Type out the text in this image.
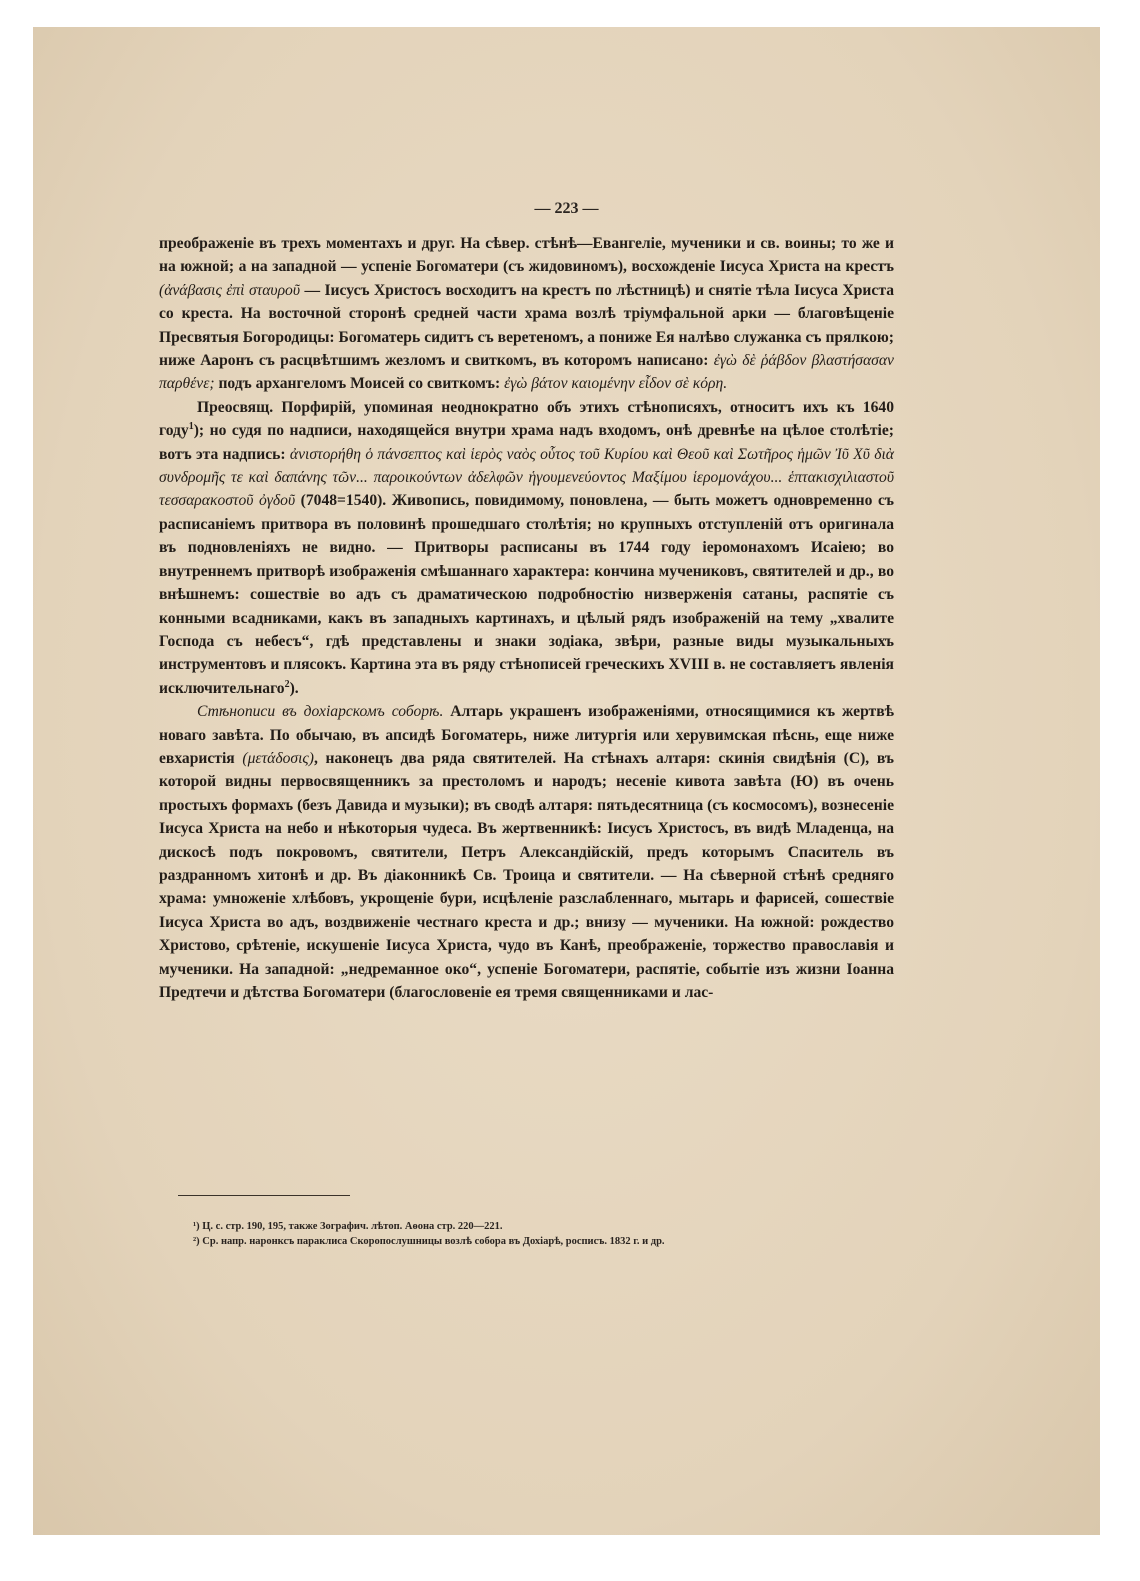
— 223 —

преображеніе въ трехъ моментахъ и друг. На сѣвер. стѣнѣ—Евангеліе, мученики и св. воины; то же и на южной; а на западной — успеніе Богоматери (съ жидовиномъ), восхожденіе Іисуса Христа на крестъ (ἀνάβασις ἐπὶ σταυροῦ — Іисусъ Христосъ восходитъ на крестъ по лѣстницѣ) и снятіе тѣла Іисуса Христа со креста. На восточной сторонѣ средней части храма возлѣ тріумфальной арки — благовѣщеніе Пресвятыя Богородицы: Богоматерь сидитъ съ веретеномъ, а пониже Ея налѣво служанка съ прялкою; ниже Ааронъ съ расцвѣтшимъ жезломъ и свиткомъ, въ которомъ написано: ἐγὼ δὲ ῥάβδον βλαστήσασαν παρθένε; подъ архангеломъ Моисей со свиткомъ: ἐγὼ βάτον καιομένην εἶδον σὲ κόρη.

Преосвящ. Порфирій, упоминая неоднократно объ этихъ стѣнописяхъ, относитъ ихъ къ 1640 году$^1$); но судя по надписи, находящейся внутри храма надъ входомъ, онѣ древнѣе на цѣлое столѣтіе; вотъ эта надпись: ἀνιστορήθη ὁ πάνσεπτος καὶ ἱερὸς ναὸς οὗτος τοῦ Κυρίου καὶ Θεοῦ καὶ Σωτῆρος ἡμῶν Ἰῦ Χῦ διὰ συνδρομῆς τε καὶ δαπάνης τῶν... παροικούντων ἀδελφῶν ἡγουμενεύοντος Μαξίμου ἱερομονάχου... ἑπτακισχιλιαστοῦ τεσσαρακοστοῦ ὀγδοῦ (7048=1540). Живопись, повидимому, поновлена, — быть можетъ одновременно съ расписаніемъ притвора въ половинѣ прошедшаго столѣтія; но крупныхъ отступленій отъ оригинала въ подновленіяхъ не видно. — Притворы расписаны въ 1744 году іеромонахомъ Исаіею; во внутреннемъ притворѣ изображенія смѣшаннаго характера: кончина мучениковъ, святителей и др., во внѣшнемъ: сошествіе во адъ съ драматическою подробностію низверженія сатаны, распятіе съ конными всадниками, какъ въ западныхъ картинахъ, и цѣлый рядъ изображеній на тему „хвалите Господа съ небесъ“, гдѣ представлены и знаки зодіака, звѣри, разные виды музыкальныхъ инструментовъ и плясокъ. Картина эта въ ряду стѣнописей греческихъ XVIII в. не составляетъ явленія исключительнаго$^2$).

Стѣнописи въ дохіарскомъ соборѣ. Алтарь украшенъ изображеніями, относящимися къ жертвѣ новаго завѣта. По обычаю, въ апсидѣ Богоматерь, ниже литургія или херувимская пѣснь, еще ниже евхаристія (μετάδοσις), наконецъ два ряда святителей. На стѣнахъ алтаря: скинія свидѣнія (С), въ которой видны первосвященникъ за престоломъ и народъ; несеніе кивота завѣта (Ю) въ очень простыхъ формахъ (безъ Давида и музыки); въ сводѣ алтаря: пятьдесятница (съ космосомъ), вознесеніе Іисуса Христа на небо и нѣкоторыя чудеса. Въ жертвенникѣ: Іисусъ Христосъ, въ видѣ Младенца, на дискосѣ подъ покровомъ, святители, Петръ Александійскій, предъ которымъ Спаситель въ раздранномъ хитонѣ и др. Въ діаконникѣ Св. Троица и святители. — На сѣверной стѣнѣ средняго храма: умноженіе хлѣбовъ, укрощеніе бури, исцѣленіе разслабленнаго, мытарь и фарисей, сошествіе Іисуса Христа во адъ, воздвиженіе честнаго креста и др.; внизу — мученики. На южной: рождество Христово, срѣтеніе, искушеніе Іисуса Христа, чудо въ Канѣ, преображеніе, торжество православія и мученики. На западной: „недреманное око“, успеніе Богоматери, распятіе, событіе изъ жизни Іоанна Предтечи и дѣтства Богоматери (благословеніе ея тремя священниками и лас-

¹) Ц. с. стр. 190, 195, также Зографич. лѣтоп. Аѳона стр. 220—221.

²) Ср. напр. наронксъ параклиса Скоропослушницы возлѣ собора въ Дохіарѣ, росписъ. 1832 г. и др.
